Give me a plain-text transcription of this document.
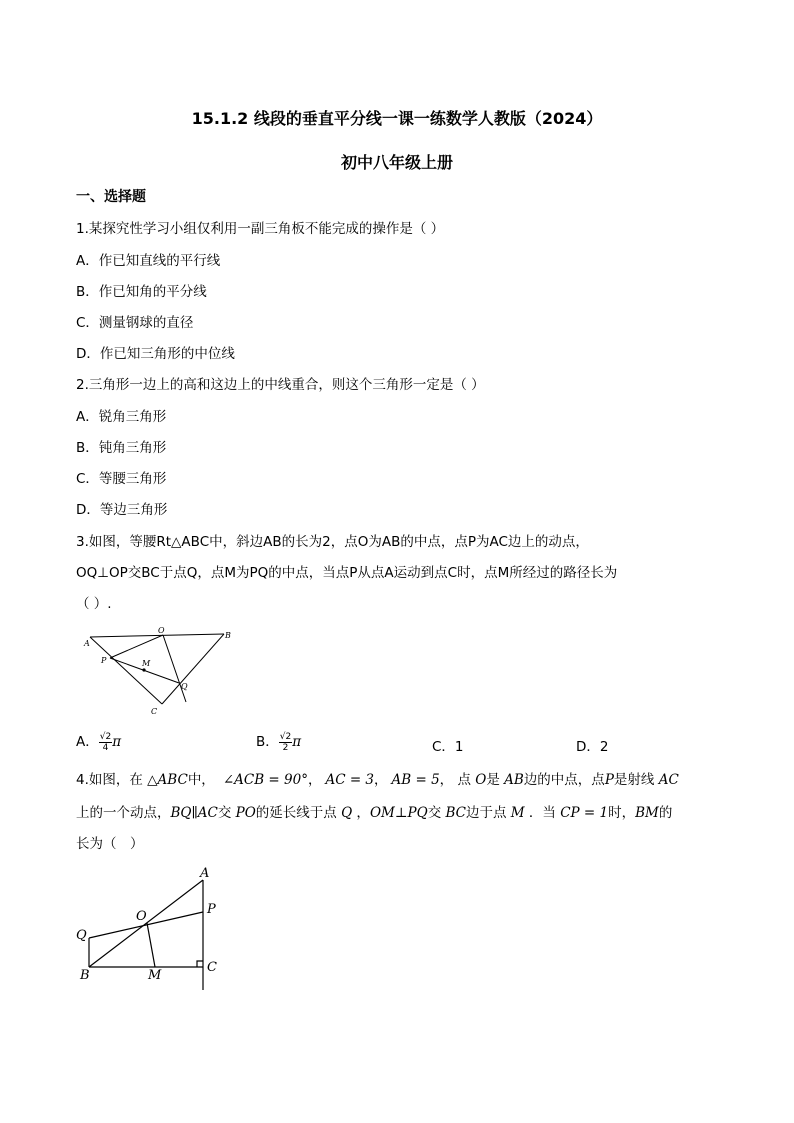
15.1.2 线段的垂直平分线一课一练数学人教版（2024）
初中八年级上册
一、选择题
1.某探究性学习小组仅利用一副三角板不能完成的操作是（ ）
A．作已知直线的平行线
B．作已知角的平分线
C．测量钢球的直径
D．作已知三角形的中位线
2.三角形一边上的高和这边上的中线重合，则这个三角形一定是（ ）
A．锐角三角形
B．钝角三角形
C．等腰三角形
D．等边三角形
3.如图，等腰Rt△ABC中，斜边AB的长为2，点O为AB的中点，点P为AC边上的动点，
OQ⊥OP交BC于点Q，点M为PQ的中点，当点P从点A运动到点C时，点M所经过的路径长为
（ ）.
A
O
B
P	M
Q
C
A． $\frac{√2}{4}$ π	B． $\frac{√2}{2}$ π	C．1	D．2
4.如图，在 △ABC中， ∠ACB = 90°， AC = 3， AB = 5， 点 O是 AB边的中点，点P是射线 AC
上的一个动点，BQ∥AC交 PO的延长线于点 Q ，OM⊥PQ交 BC边于点 M ．当 CP = 1时，BM的
长为（　）
A
P
O
Q
B	M
C
